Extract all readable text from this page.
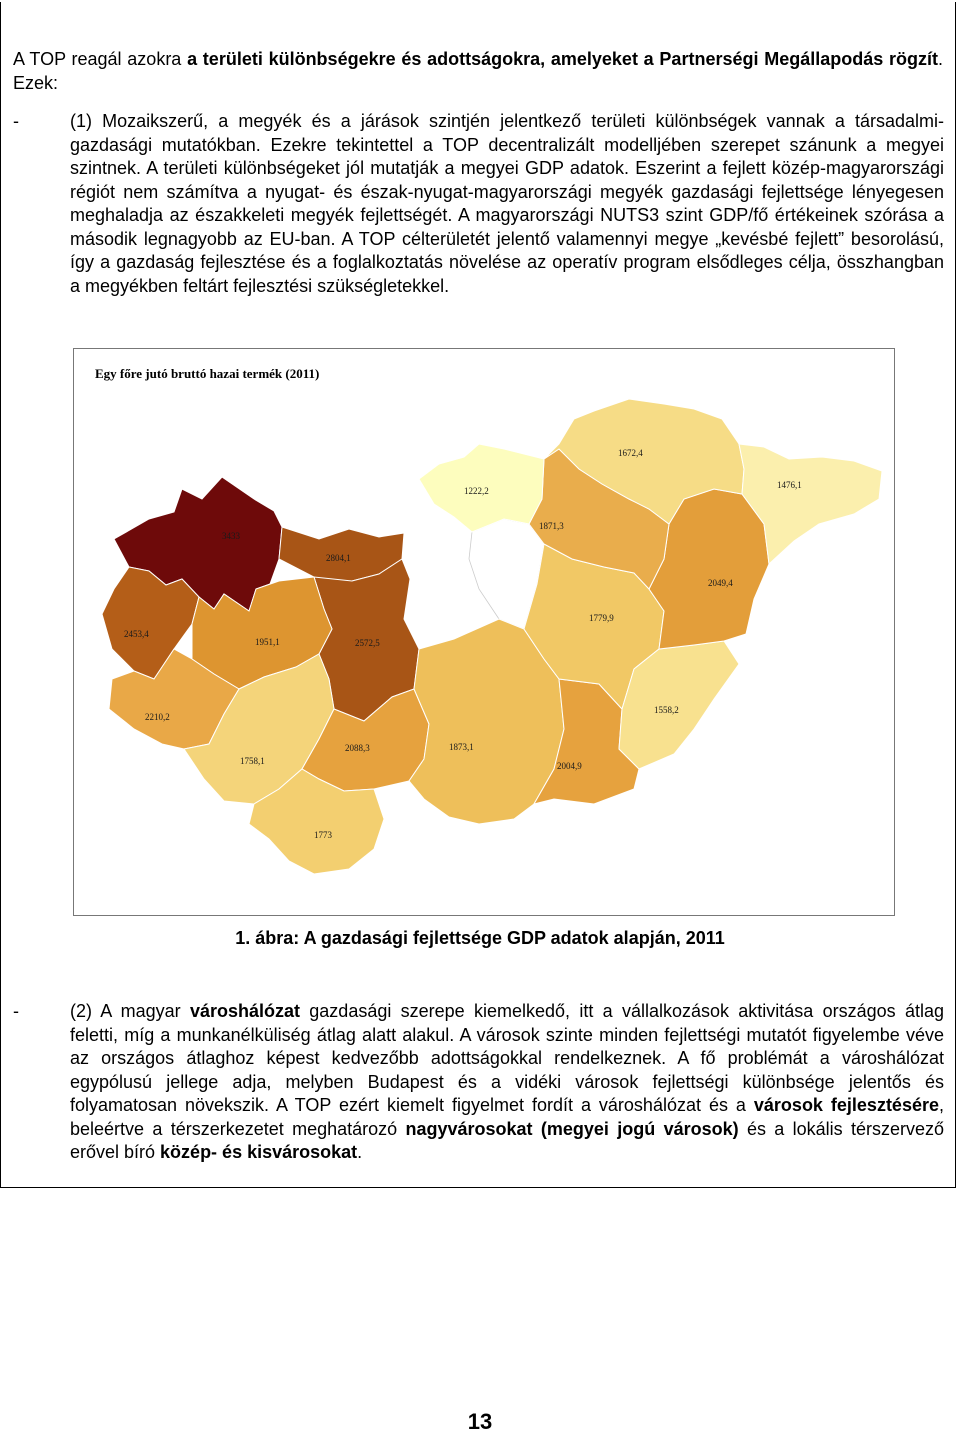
A TOP reagál azokra a területi különbségekre és adottságokra, amelyeket a Partnerségi Megállapodás rögzít. Ezek:
-	(1) Mozaikszerű, a megyék és a járások szintjén jelentkező területi különbségek vannak a társadalmi-gazdasági mutatókban. Ezekre tekintettel a TOP decentralizált modelljében szerepet szánunk a megyei szintnek. A területi különbségeket jól mutatják a megyei GDP adatok. Eszerint a fejlett közép-magyarországi régiót nem számítva a nyugat- és észak-nyugat-magyarországi megyék gazdasági fejlettsége lényegesen meghaladja az északkeleti megyék fejlettségét. A magyarországi NUTS3 szint GDP/fő értékeinek szórása a második legnagyobb az EU-ban. A TOP célterületét jelentő valamennyi megye „kevésbé fejlett” besorolású, így a gazdaság fejlesztése és a foglalkoztatás növelése az operatív program elsődleges célja, összhangban a megyékben feltárt fejlesztési szükségletekkel.
3433
2804,1
2572,5
2453,4
1951,1
2210,2
1758,1
2088,3
1773
1873,1
2004,9
1779,9
1558,2
2049,4
1871,3
1222,2
1672,4
1476,1
Egy főre jutó bruttó hazai termék (2011)
1. ábra: A gazdasági fejlettsége GDP adatok alapján, 2011
-	(2) A magyar városhálózat gazdasági szerepe kiemelkedő, itt a vállalkozások aktivitása országos átlag feletti, míg a munkanélküliség átlag alatt alakul. A városok szinte minden fejlettségi mutatót figyelembe véve az országos átlaghoz képest kedvezőbb adottságokkal rendelkeznek. A fő problémát a városhálózat egypólusú jellege adja, melyben Budapest és a vidéki városok fejlettségi különbsége jelentős és folyamatosan növekszik. A TOP ezért kiemelt figyelmet fordít a városhálózat és a városok fejlesztésére, beleértve a térszerkezetet meghatározó nagyvárosokat (megyei jogú városok) és a lokális térszervező erővel bíró közép- és kisvárosokat.
13
